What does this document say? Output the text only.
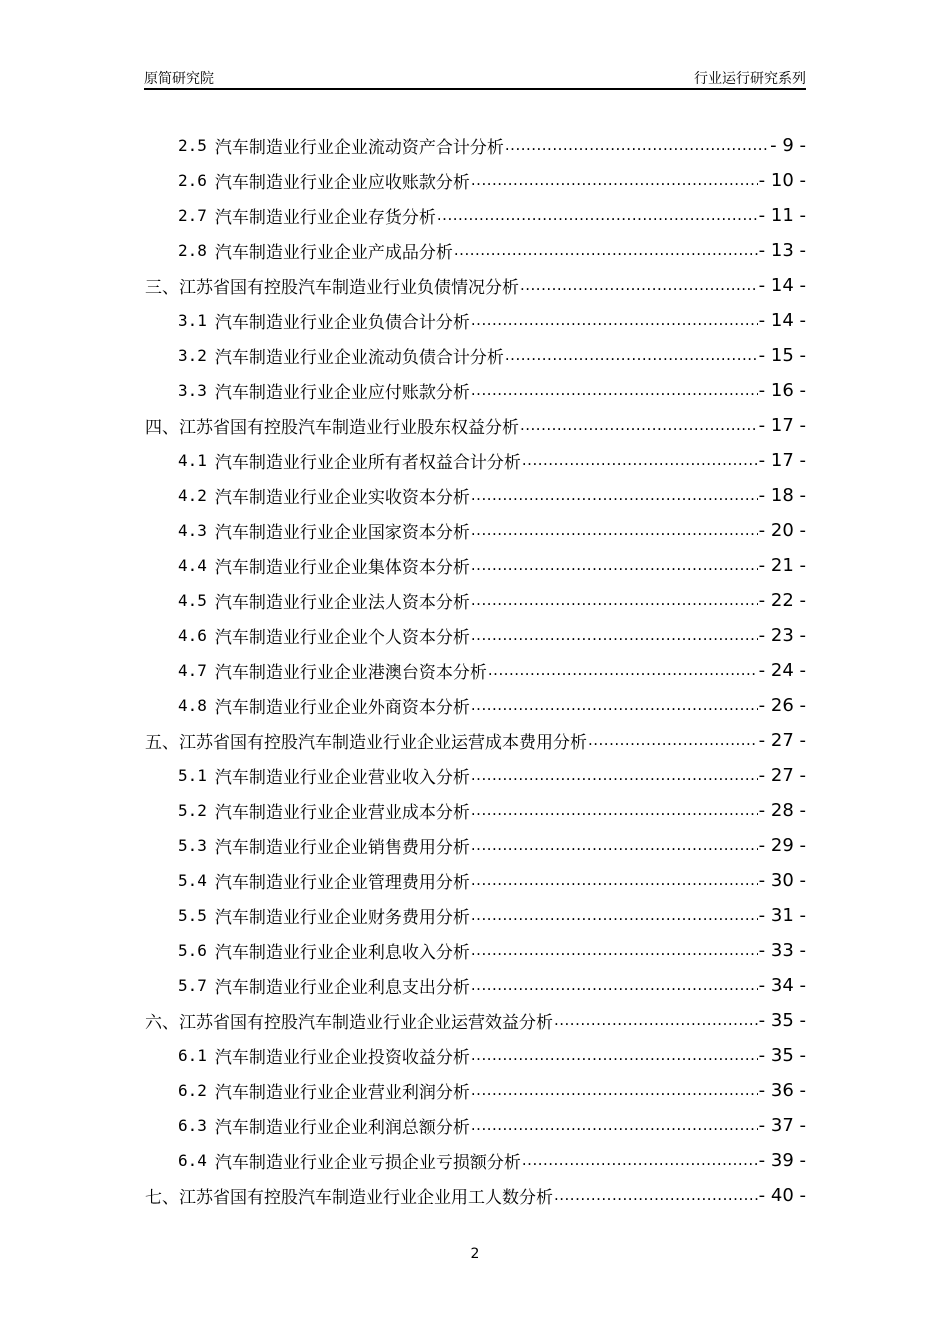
原简研究院	行业运行研究系列
2.5 汽车制造业行业企业流动资产合计分析 .....	- 9 -
2.6 汽车制造业行业企业应收账款分析 .....	- 10 -
2.7 汽车制造业行业企业存货分析 .....	- 11 -
2.8 汽车制造业行业企业产成品分析 .....	- 13 -
三、江苏省国有控股汽车制造业行业负债情况分析 .....	- 14 -
3.1 汽车制造业行业企业负债合计分析 .....	- 14 -
3.2 汽车制造业行业企业流动负债合计分析 .....	- 15 -
3.3 汽车制造业行业企业应付账款分析 .....	- 16 -
四、江苏省国有控股汽车制造业行业股东权益分析 .....	- 17 -
4.1 汽车制造业行业企业所有者权益合计分析 .....	- 17 -
4.2 汽车制造业行业企业实收资本分析 .....	- 18 -
4.3 汽车制造业行业企业国家资本分析 .....	- 20 -
4.4 汽车制造业行业企业集体资本分析 .....	- 21 -
4.5 汽车制造业行业企业法人资本分析 .....	- 22 -
4.6 汽车制造业行业企业个人资本分析 .....	- 23 -
4.7 汽车制造业行业企业港澳台资本分析 .....	- 24 -
4.8 汽车制造业行业企业外商资本分析 .....	- 26 -
五、江苏省国有控股汽车制造业行业企业运营成本费用分析 .....	- 27 -
5.1 汽车制造业行业企业营业收入分析 .....	- 27 -
5.2 汽车制造业行业企业营业成本分析 .....	- 28 -
5.3 汽车制造业行业企业销售费用分析 .....	- 29 -
5.4 汽车制造业行业企业管理费用分析 .....	- 30 -
5.5 汽车制造业行业企业财务费用分析 .....	- 31 -
5.6 汽车制造业行业企业利息收入分析 .....	- 33 -
5.7 汽车制造业行业企业利息支出分析 .....	- 34 -
六、江苏省国有控股汽车制造业行业企业运营效益分析 .....	- 35 -
6.1 汽车制造业行业企业投资收益分析 .....	- 35 -
6.2 汽车制造业行业企业营业利润分析 .....	- 36 -
6.3 汽车制造业行业企业利润总额分析 .....	- 37 -
6.4 汽车制造业行业企业亏损企业亏损额分析 .....	- 39 -
七、江苏省国有控股汽车制造业行业企业用工人数分析 .....	- 40 -
2
